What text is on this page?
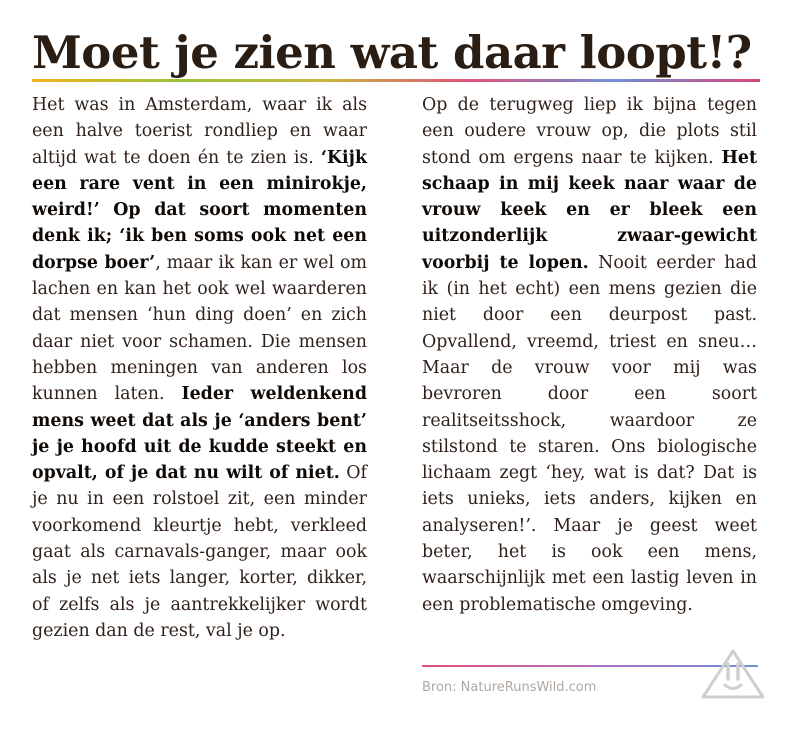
Moet je zien wat daar loopt!?

Het was in Amsterdam, waar ik als een halve toerist rondliep en waar altijd wat te doen én te zien is. ‘Kijk een rare vent in een minirokje, weird!’ Op dat soort momenten denk ik; ‘ik ben soms ook net een dorpse boer’, maar ik kan er wel om lachen en kan het ook wel waarderen dat mensen ‘hun ding doen’ en zich daar niet voor schamen. Die mensen hebben meningen van anderen los kunnen laten. Ieder weldenkend mens weet dat als je ‘anders bent’ je je hoofd uit de kudde steekt en opvalt, of je dat nu wilt of niet. Of je nu in een rolstoel zit, een minder voorkomend kleurtje hebt, verkleed gaat als carnavals-ganger, maar ook als je net iets langer, korter, dikker, of zelfs als je aantrekkelijker wordt gezien dan de rest, val je op.

Op de terugweg liep ik bijna tegen een oudere vrouw op, die plots stil stond om ergens naar te kijken. Het schaap in mij keek naar waar de vrouw keek en er bleek een uitzonderlijk zwaar-gewicht voorbij te lopen. Nooit eerder had ik (in het echt) een mens gezien die niet door een deurpost past. Opvallend, vreemd, triest en sneu… Maar de vrouw voor mij was bevroren door een soort realitseitsshock, waardoor ze stilstond te staren. Ons biologische lichaam zegt ‘hey, wat is dat? Dat is iets unieks, iets anders, kijken en analyseren!’. Maar je geest weet beter, het is ook een mens, waarschijnlijk met een lastig leven in een problematische omgeving.

Bron: NatureRunsWild.com
